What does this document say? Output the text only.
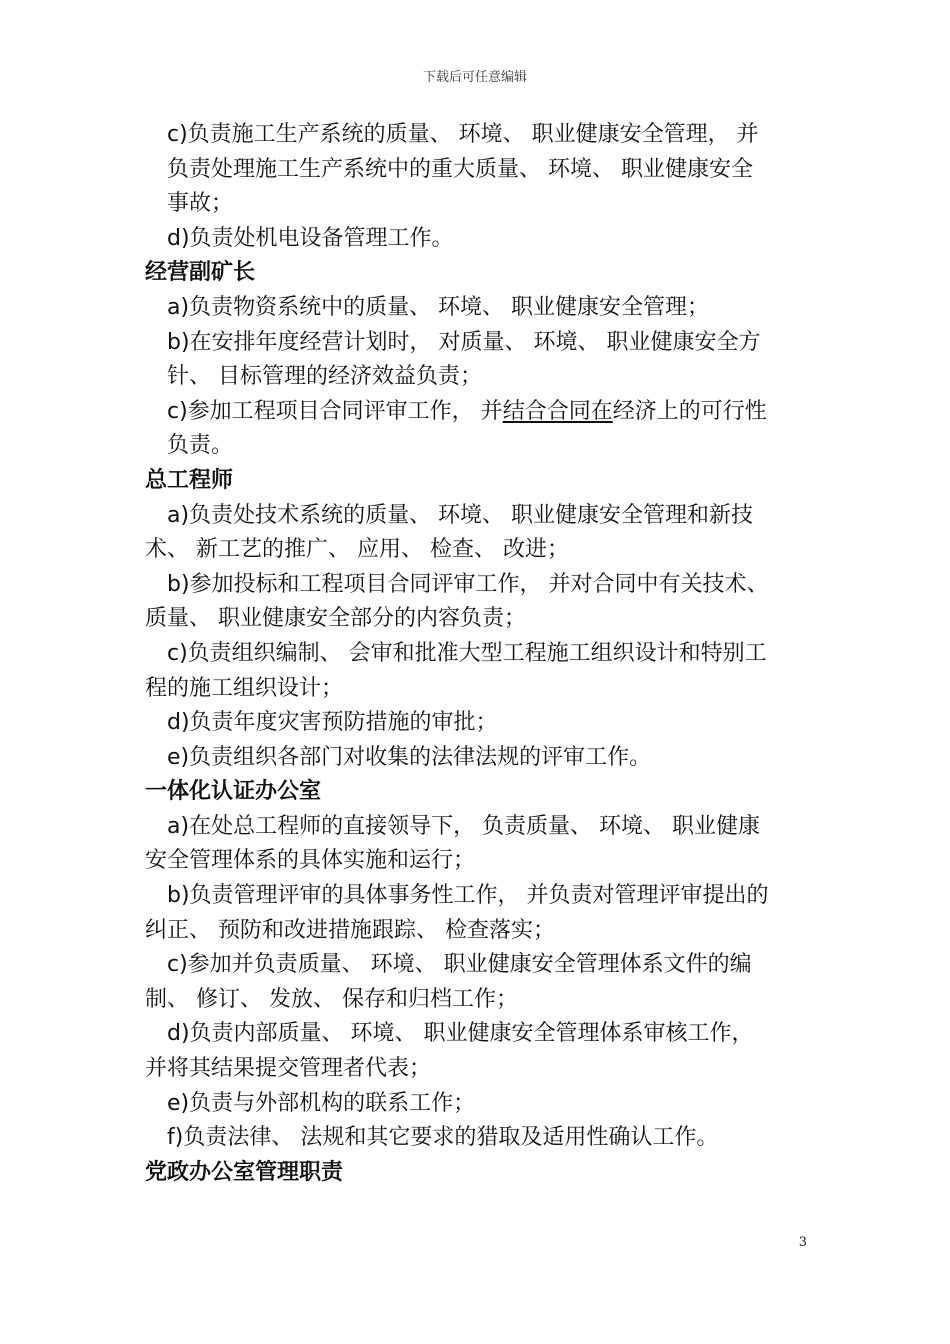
下载后可任意编辑
c)负责施工生产系统的质量、 环境、 职业健康安全管理， 并
负责处理施工生产系统中的重大质量、 环境、 职业健康安全
事故；
d)负责处机电设备管理工作。
经营副矿长
a)负责物资系统中的质量、 环境、 职业健康安全管理；
b)在安排年度经营计划时， 对质量、 环境、 职业健康安全方
针、 目标管理的经济效益负责；
c)参加工程项目合同评审工作， 并结合合同在经济上的可行性
负责。
总工程师
a)负责处技术系统的质量、 环境、 职业健康安全管理和新技
术、 新工艺的推广、 应用、 检查、 改进；
b)参加投标和工程项目合同评审工作， 并对合同中有关技术、
质量、 职业健康安全部分的内容负责；
c)负责组织编制、 会审和批准大型工程施工组织设计和特别工
程的施工组织设计；
d)负责年度灾害预防措施的审批；
e)负责组织各部门对收集的法律法规的评审工作。
一体化认证办公室
a)在处总工程师的直接领导下， 负责质量、 环境、 职业健康
安全管理体系的具体实施和运行；
b)负责管理评审的具体事务性工作， 并负责对管理评审提出的
纠正、 预防和改进措施跟踪、 检查落实；
c)参加并负责质量、 环境、 职业健康安全管理体系文件的编
制、 修订、 发放、 保存和归档工作；
d)负责内部质量、 环境、 职业健康安全管理体系审核工作，
并将其结果提交管理者代表；
e)负责与外部机构的联系工作；
f)负责法律、 法规和其它要求的猎取及适用性确认工作。
党政办公室管理职责
3
